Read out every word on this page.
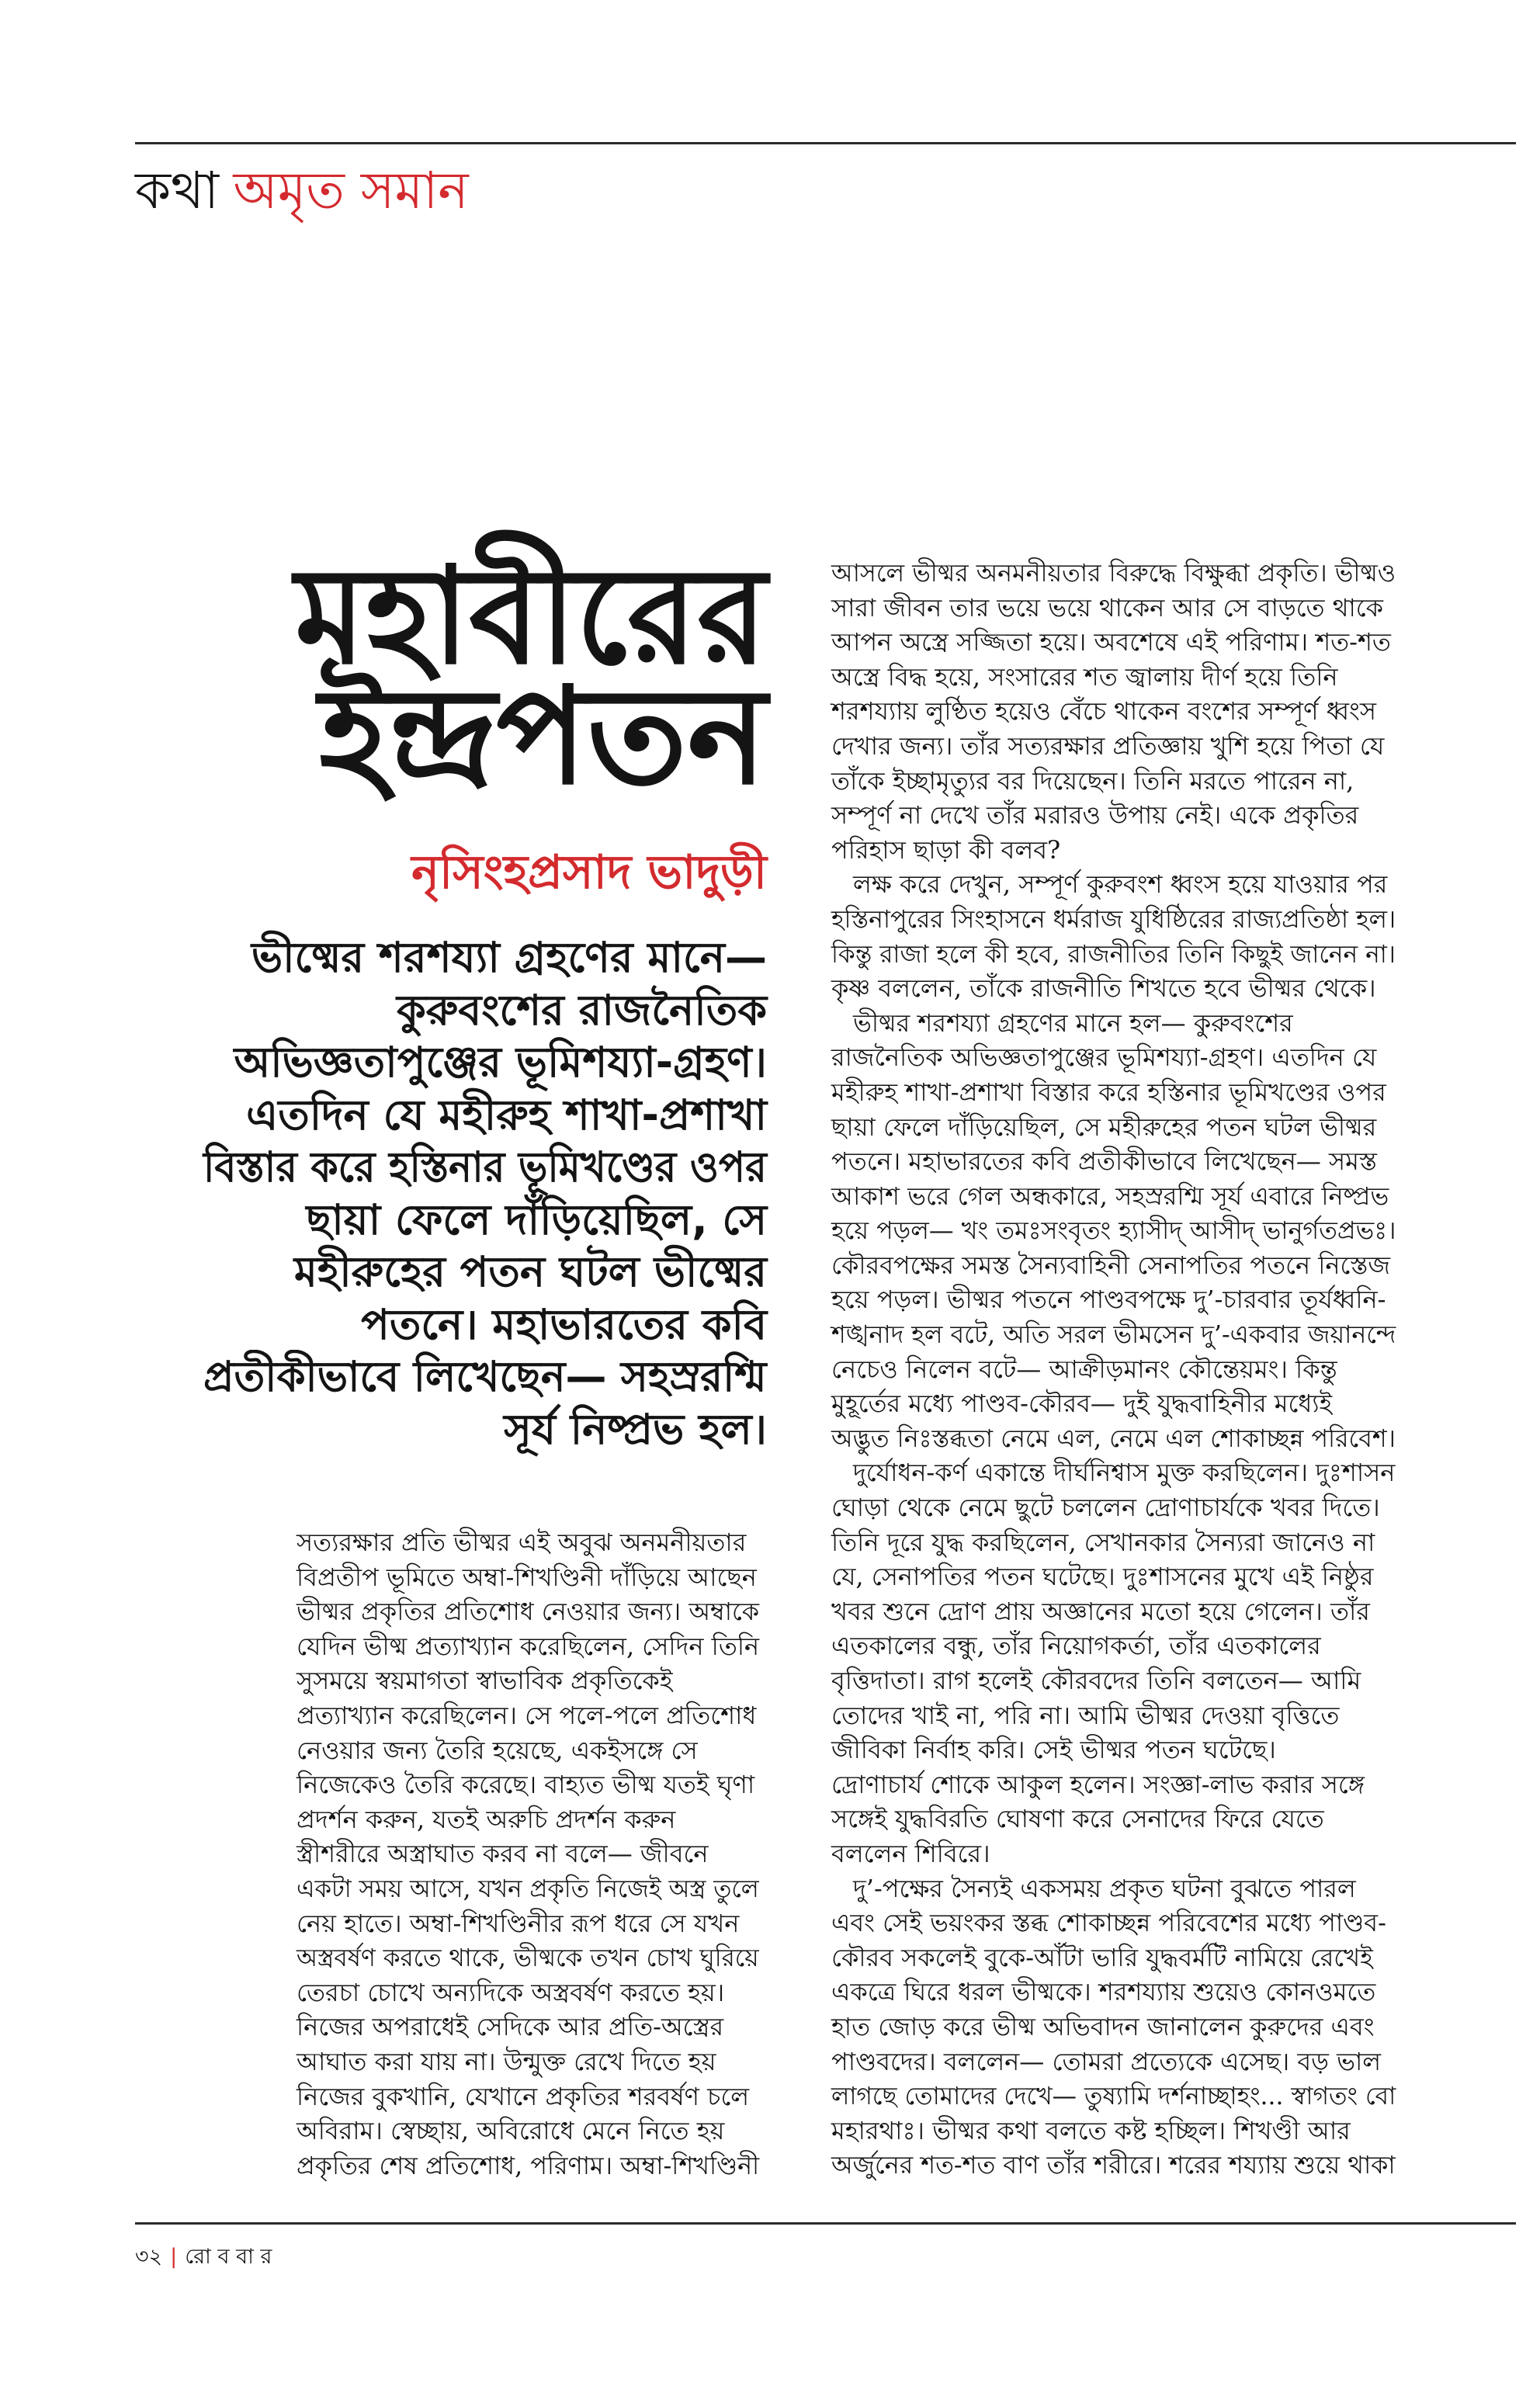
কথা অমৃত সমান
মহাবীরের
ইন্দ্রপতন
নৃসিংহপ্রসাদ ভাদুড়ী
ভীষ্মের শরশয্যা গ্রহণের মানে—
কুরুবংশের রাজনৈতিক
অভিজ্ঞতাপুঞ্জের ভূমিশয্যা-গ্রহণ।
এতদিন যে মহীরুহ শাখা-প্রশাখা
বিস্তার করে হস্তিনার ভূমিখণ্ডের ওপর
ছায়া ফেলে দাঁড়িয়েছিল, সে
মহীরুহের পতন ঘটল ভীষ্মের
পতনে। মহাভারতের কবি
প্রতীকীভাবে লিখেছেন— সহস্ররশ্মি
সূর্য নিষ্প্রভ হল।
সত্যরক্ষার প্রতি ভীষ্মর এই অবুঝ অনমনীয়তার
বিপ্রতীপ ভূমিতে অম্বা-শিখণ্ডিনী দাঁড়িয়ে আছেন
ভীষ্মর প্রকৃতির প্রতিশোধ নেওয়ার জন্য। অম্বাকে
যেদিন ভীষ্ম প্রত্যাখ্যান করেছিলেন, সেদিন তিনি
সুসময়ে স্বয়মাগতা স্বাভাবিক প্রকৃতিকেই
প্রত্যাখ্যান করেছিলেন। সে পলে-পলে প্রতিশোধ
নেওয়ার জন্য তৈরি হয়েছে, একইসঙ্গে সে
নিজেকেও তৈরি করেছে। বাহ্যত ভীষ্ম যতই ঘৃণা
প্রদর্শন করুন, যতই অরুচি প্রদর্শন করুন
স্ত্রীশরীরে অস্ত্রাঘাত করব না বলে— জীবনে
একটা সময় আসে, যখন প্রকৃতি নিজেই অস্ত্র তুলে
নেয় হাতে। অম্বা-শিখণ্ডিনীর রূপ ধরে সে যখন
অস্ত্রবর্ষণ করতে থাকে, ভীষ্মকে তখন চোখ ঘুরিয়ে
তেরচা চোখে অন্যদিকে অস্ত্রবর্ষণ করতে হয়।
নিজের অপরাধেই সেদিকে আর প্রতি-অস্ত্রের
আঘাত করা যায় না। উন্মুক্ত রেখে দিতে হয়
নিজের বুকখানি, যেখানে প্রকৃতির শরবর্ষণ চলে
অবিরাম। স্বেচ্ছায়, অবিরোধে মেনে নিতে হয়
প্রকৃতির শেষ প্রতিশোধ, পরিণাম। অম্বা-শিখণ্ডিনী
আসলে ভীষ্মর অনমনীয়তার বিরুদ্ধে বিক্ষুব্ধা প্রকৃতি। ভীষ্মও
সারা জীবন তার ভয়ে ভয়ে থাকেন আর সে বাড়তে থাকে
আপন অস্ত্রে সজ্জিতা হয়ে। অবশেষে এই পরিণাম। শত-শত
অস্ত্রে বিদ্ধ হয়ে, সংসারের শত জ্বালায় দীর্ণ হয়ে তিনি
শরশয্যায় লুণ্ঠিত হয়েও বেঁচে থাকেন বংশের সম্পূর্ণ ধ্বংস
দেখার জন্য। তাঁর সত্যরক্ষার প্রতিজ্ঞায় খুশি হয়ে পিতা যে
তাঁকে ইচ্ছামৃত্যুর বর দিয়েছেন। তিনি মরতে পারেন না,
সম্পূর্ণ না দেখে তাঁর মরারও উপায় নেই। একে প্রকৃতির
পরিহাস ছাড়া কী বলব?
লক্ষ করে দেখুন, সম্পূর্ণ কুরুবংশ ধ্বংস হয়ে যাওয়ার পর
হস্তিনাপুরের সিংহাসনে ধর্মরাজ যুধিষ্ঠিরের রাজ্যপ্রতিষ্ঠা হল।
কিন্তু রাজা হলে কী হবে, রাজনীতির তিনি কিছুই জানেন না।
কৃষ্ণ বললেন, তাঁকে রাজনীতি শিখতে হবে ভীষ্মর থেকে।
ভীষ্মর শরশয্যা গ্রহণের মানে হল— কুরুবংশের
রাজনৈতিক অভিজ্ঞতাপুঞ্জের ভূমিশয্যা-গ্রহণ। এতদিন যে
মহীরুহ শাখা-প্রশাখা বিস্তার করে হস্তিনার ভূমিখণ্ডের ওপর
ছায়া ফেলে দাঁড়িয়েছিল, সে মহীরুহের পতন ঘটল ভীষ্মর
পতনে। মহাভারতের কবি প্রতীকীভাবে লিখেছেন— সমস্ত
আকাশ ভরে গেল অন্ধকারে, সহস্ররশ্মি সূর্য এবারে নিষ্প্রভ
হয়ে পড়ল— খং তমঃসংবৃতং হ্যাসীদ্ আসীদ্ ভানুর্গতপ্রভঃ।
কৌরবপক্ষের সমস্ত সৈন্যবাহিনী সেনাপতির পতনে নিস্তেজ
হয়ে পড়ল। ভীষ্মর পতনে পাণ্ডবপক্ষে দু’-চারবার তূর্যধ্বনি-
শঙ্খনাদ হল বটে, অতি সরল ভীমসেন দু’-একবার জয়ানন্দে
নেচেও নিলেন বটে— আক্রীড়মানং কৌন্তেয়মং। কিন্তু
মুহূর্তের মধ্যে পাণ্ডব-কৌরব— দুই যুদ্ধবাহিনীর মধ্যেই
অদ্ভুত নিঃস্তব্ধতা নেমে এল, নেমে এল শোকাচ্ছন্ন পরিবেশ।
দুর্যোধন-কর্ণ একান্তে দীর্ঘনিশ্বাস মুক্ত করছিলেন। দুঃশাসন
ঘোড়া থেকে নেমে ছুটে চললেন দ্রোণাচার্যকে খবর দিতে।
তিনি দূরে যুদ্ধ করছিলেন, সেখানকার সৈন্যরা জানেও না
যে, সেনাপতির পতন ঘটেছে। দুঃশাসনের মুখে এই নিষ্ঠুর
খবর শুনে দ্রোণ প্রায় অজ্ঞানের মতো হয়ে গেলেন। তাঁর
এতকালের বন্ধু, তাঁর নিয়োগকর্তা, তাঁর এতকালের
বৃত্তিদাতা। রাগ হলেই কৌরবদের তিনি বলতেন— আমি
তোদের খাই না, পরি না। আমি ভীষ্মর দেওয়া বৃত্তিতে
জীবিকা নির্বাহ করি। সেই ভীষ্মর পতন ঘটেছে।
দ্রোণাচার্য শোকে আকুল হলেন। সংজ্ঞা-লাভ করার সঙ্গে
সঙ্গেই যুদ্ধবিরতি ঘোষণা করে সেনাদের ফিরে যেতে
বললেন শিবিরে।
দু’-পক্ষের সৈন্যই একসময় প্রকৃত ঘটনা বুঝতে পারল
এবং সেই ভয়ংকর স্তব্ধ শোকাচ্ছন্ন পরিবেশের মধ্যে পাণ্ডব-
কৌরব সকলেই বুকে-আঁটা ভারি যুদ্ধবর্মটি নামিয়ে রেখেই
একত্রে ঘিরে ধরল ভীষ্মকে। শরশয্যায় শুয়েও কোনওমতে
হাত জোড় করে ভীষ্ম অভিবাদন জানালেন কুরুদের এবং
পাণ্ডবদের। বললেন— তোমরা প্রত্যেকে এসেছ। বড় ভাল
লাগছে তোমাদের দেখে— তুষ্যামি দর্শনাচ্ছাহং... স্বাগতং বো
মহারথাঃ। ভীষ্মর কথা বলতে কষ্ট হচ্ছিল। শিখণ্ডী আর
অর্জুনের শত-শত বাণ তাঁর শরীরে। শরের শয্যায় শুয়ে থাকা
৩২ | রো ব বা র
